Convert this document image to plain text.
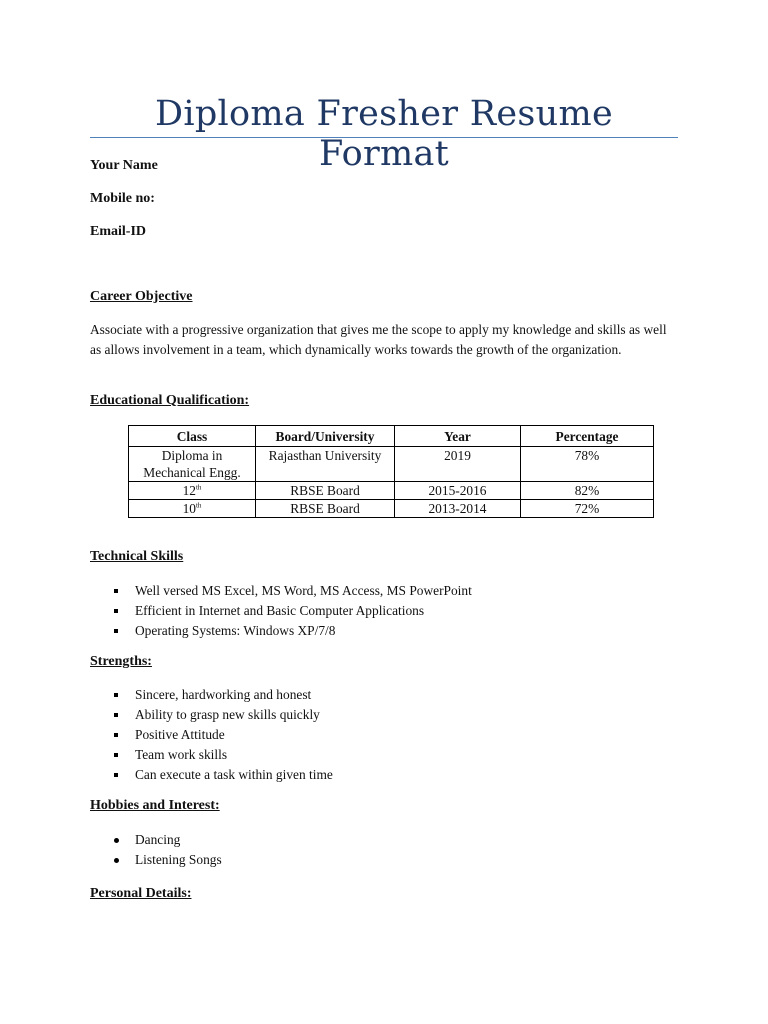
Diploma Fresher Resume Format
Your Name
Mobile no:
Email-ID
Career Objective
Associate with a progressive organization that gives me the scope to apply my knowledge and skills as well as allows involvement in a team, which dynamically works towards the growth of the organization.
Educational Qualification:
Class	Board/University	Year	Percentage
Diploma in Mechanical Engg.	Rajasthan University	2019	78%
12th	RBSE Board	2015-2016	82%
10th	RBSE Board	2013-2014	72%
Technical Skills
Well versed MS Excel, MS Word, MS Access, MS PowerPoint
Efficient in Internet and Basic Computer Applications
Operating Systems: Windows XP/7/8
Strengths:
Sincere, hardworking and honest
Ability to grasp new skills quickly
Positive Attitude
Team work skills
Can execute a task within given time
Hobbies and Interest:
Dancing
Listening Songs
Personal Details:
